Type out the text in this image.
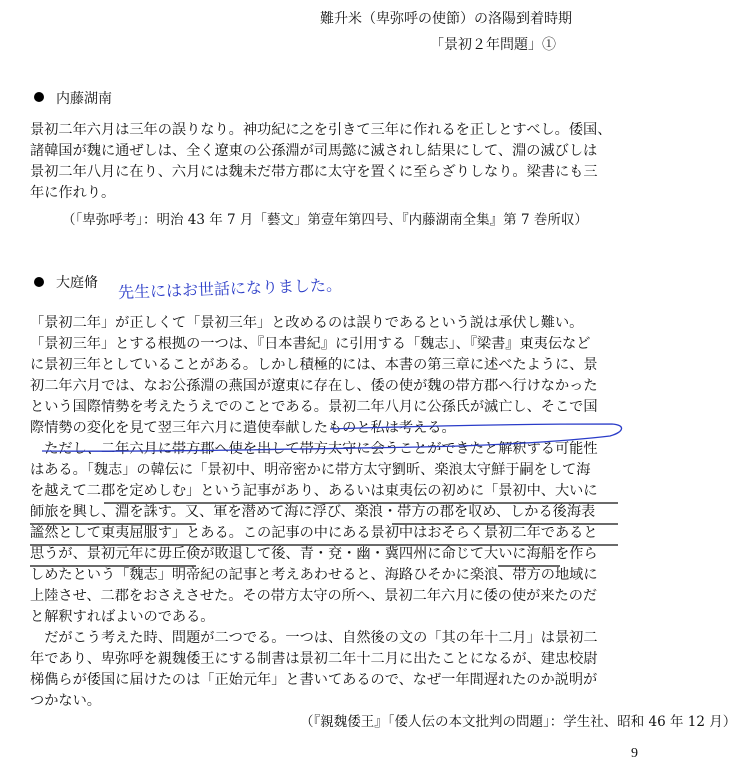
難升米（卑弥呼の使節）の洛陽到着時期
「景初２年問題」①
内藤湖南
景初二年六月は三年の誤りなり。神功紀に之を引きて三年に作れるを正しとすべし。倭国、
諸韓国が魏に通ぜしは、全く遼東の公孫淵が司馬懿に滅されし結果にして、淵の滅びしは
景初二年八月に在り、六月には魏未だ帯方郡に太守を置くに至らざりしなり。梁書にも三
年に作れり。
（「卑弥呼考」：明治 43 年 7 月「藝文」第壹年第四号、『内藤湖南全集』第 7 巻所収）
大庭脩 先生にはお世話になりました。
「景初二年」が正しくて「景初三年」と改めるのは誤りであるという説は承伏し難い。
「景初三年」とする根拠の一つは、『日本書紀』に引用する「魏志」、『梁書』東夷伝など
に景初三年としていることがある。しかし積極的には、本書の第三章に述べたように、景
初二年六月では、なお公孫淵の燕国が遼東に存在し、倭の使が魏の帯方郡へ行けなかった
という国際情勢を考えたうえでのことである。景初二年八月に公孫氏が滅亡し、そこで国
際情勢の変化を見て翌三年六月に遣使奉献したものと私は考える。
　ただし、二年六月に帯方郡へ使を出して帯方太守に会うことができたと解釈する可能性
はある。「魏志」の韓伝に「景初中、明帝密かに帯方太守劉昕、楽浪太守鮮于嗣をして海
を越えて二郡を定めしむ」という記事があり、あるいは東夷伝の初めに「景初中、大いに
師旅を興し、淵を誅す。又、軍を潜めて海に浮び、楽浪・帯方の郡を収め、しかる後海表
謐然として東夷屈服す」とある。この記事の中にある景初中はおそらく景初二年であると
思うが、景初元年に毋丘倹が敗退して後、青・兗・幽・冀四州に命じて大いに海船を作ら
しめたという「魏志」明帝紀の記事と考えあわせると、海路ひそかに楽浪、帯方の地域に
上陸させ、二郡をおさえさせた。その帯方太守の所へ、景初二年六月に倭の使が来たのだ
と解釈すればよいのである。
　だがこう考えた時、問題が二つでる。一つは、自然後の文の「其の年十二月」は景初二
年であり、卑弥呼を親魏倭王にする制書は景初二年十二月に出たことになるが、建忠校尉
梯儁らが倭国に届けたのは「正始元年」と書いてあるので、なぜ一年間遅れたのか説明が
つかない。
（『親魏倭王』「倭人伝の本文批判の問題」：学生社、昭和 46 年 12 月）
9
